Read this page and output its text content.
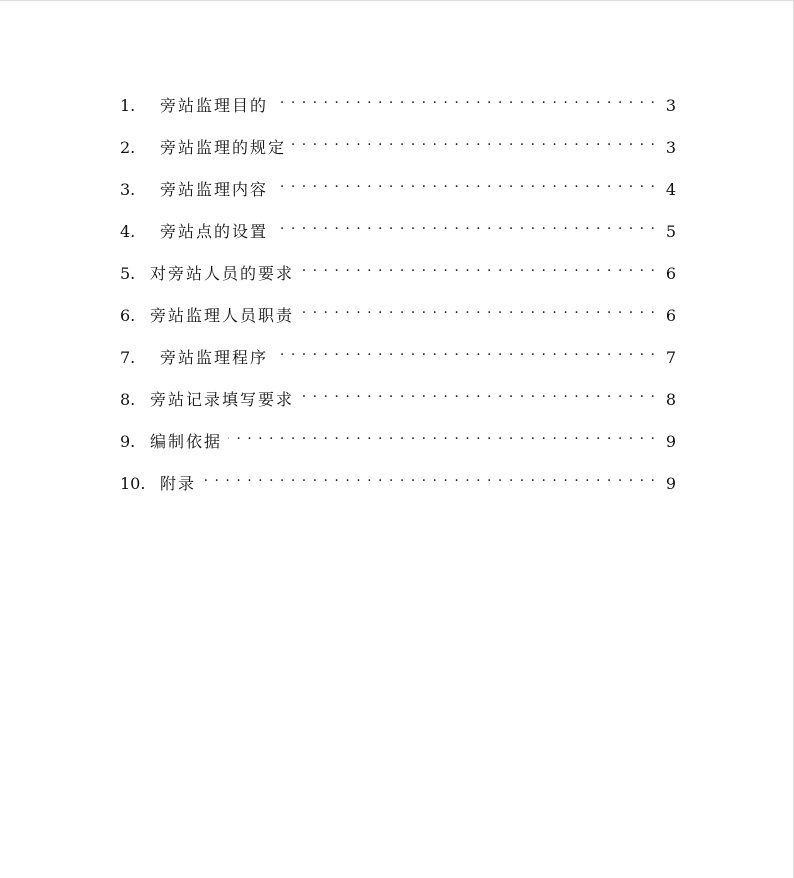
1.	旁站监理目的 . . .	3
2.	旁站监理的规定 . . .	3
3.	旁站监理内容 . . .	4
4.	旁站点的设置 . . .	5
5. 对旁站人员的要求 . . .	6
6. 旁站监理人员职责 . . .	6
7.	旁站监理程序 . . .	7
8. 旁站记录填写要求 . . .	8
9. 编制依据 . . .	9
10. 附录 . . .	9
